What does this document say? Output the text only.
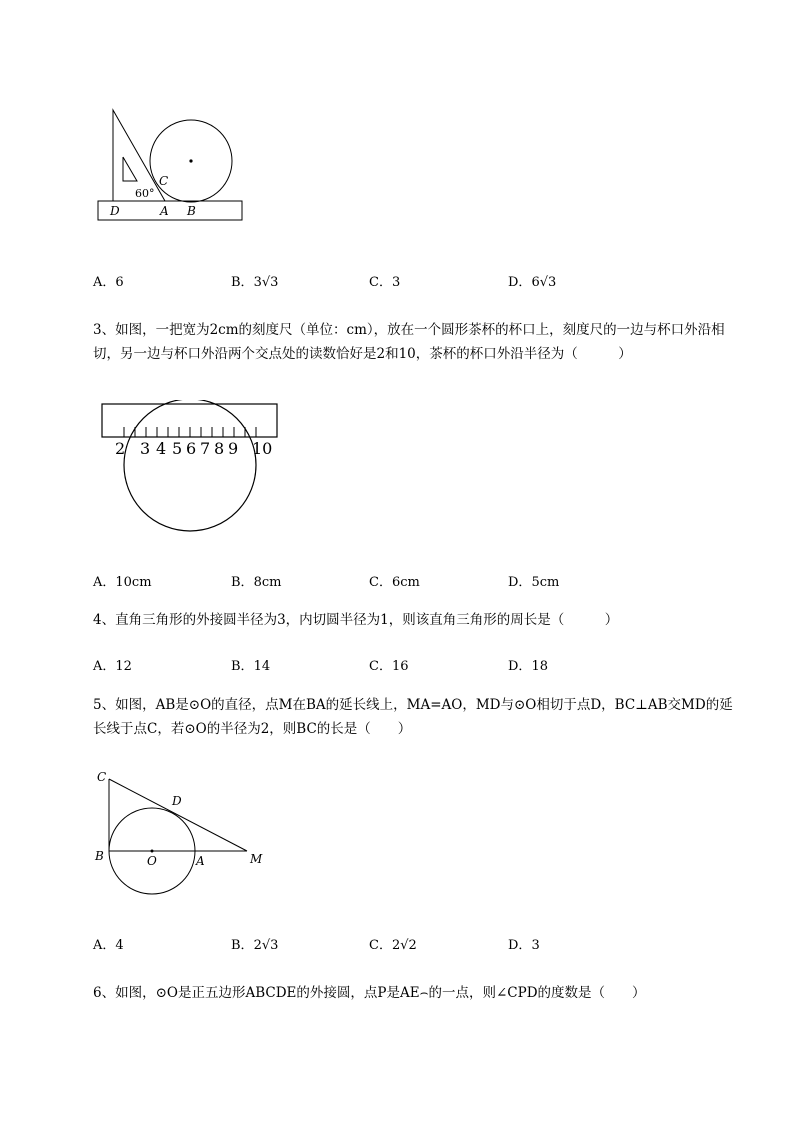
60°
C
D	A B
A．6	B．3√3	C．3	D．6√3
3、如图，一把宽为2cm的刻度尺（单位：cm），放在一个圆形茶杯的杯口上，刻度尺的一边与杯口外沿相切，另一边与杯口外沿两个交点处的读数恰好是2和10，茶杯的杯口外沿半径为（　　　）
2 3 4 5 6 7 8 9 10
A．10cm	B．8cm	C．6cm	D．5cm
4、直角三角形的外接圆半径为3，内切圆半径为1，则该直角三角形的周长是（　　　）
A．12	B．14	C．16	D．18
5、如图，AB是⊙O的直径，点M在BA的延长线上，MA=AO，MD与⊙O相切于点D，BC⊥AB交MD的延长线于点C，若⊙O的半径为2，则BC的长是（　　）
C
D
B	O	A	M
A．4	B．2√3	C．2√2	D．3
6、如图，⊙O是正五边形ABCDE的外接圆，点P是AE⌢的一点，则∠CPD的度数是（　　）
